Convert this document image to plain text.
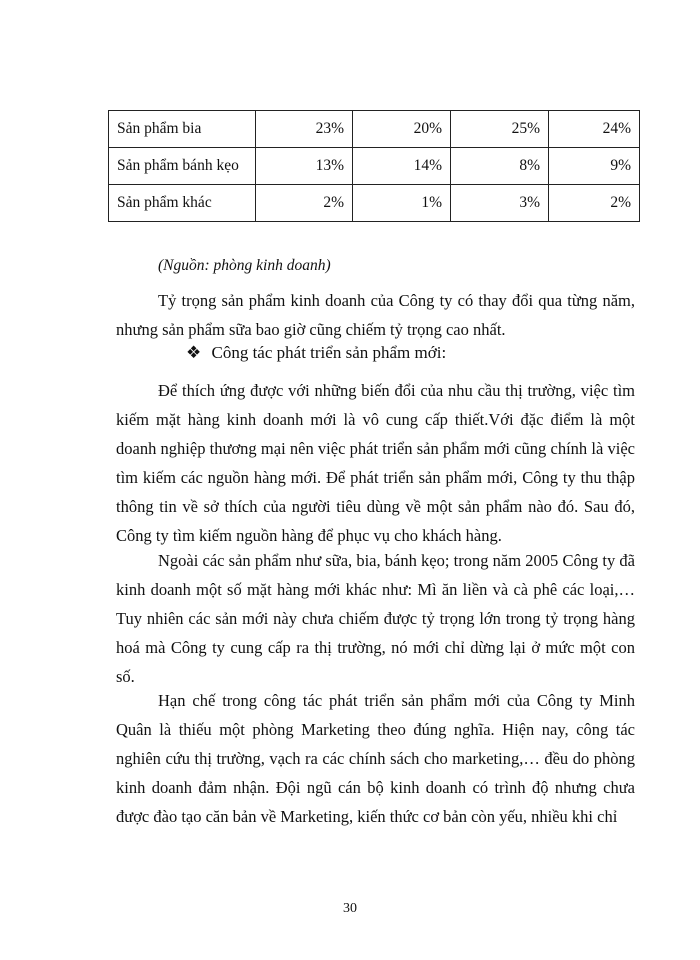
Sản phẩm bia	23%	20%	25%	24%
Sản phẩm bánh kẹo	13%	14%	8%	9%
Sản phẩm khác	2%	1%	3%	2%
(Nguồn: phòng kinh doanh)

Tỷ trọng sản phẩm kinh doanh của Công ty có thay đổi qua từng năm, nhưng sản phẩm sữa bao giờ cũng chiếm tỷ trọng cao nhất.

❖ Công tác phát triển sản phẩm mới:

Để thích ứng được với những biến đổi của nhu cầu thị trường, việc tìm kiếm mặt hàng kinh doanh mới là vô cung cấp thiết.Với đặc điểm là một doanh nghiệp thương mại nên việc phát triển sản phẩm mới cũng chính là việc tìm kiếm các nguồn hàng mới. Để phát triển sản phẩm mới, Công ty thu thập thông tin về sở thích của người tiêu dùng về một sản phẩm nào đó. Sau đó, Công ty tìm kiếm nguồn hàng để phục vụ cho khách hàng.

Ngoài các sản phẩm như sữa, bia, bánh kẹo; trong năm 2005 Công ty đã kinh doanh một số mặt hàng mới khác như: Mì ăn liền và cà phê các loại,…Tuy nhiên các sản mới này chưa chiếm được tỷ trọng lớn trong tỷ trọng hàng hoá mà Công ty cung cấp ra thị trường, nó mới chỉ dừng lại ở mức một con số.

Hạn chế trong công tác phát triển sản phẩm mới của Công ty Minh Quân là thiếu một phòng Marketing theo đúng nghĩa. Hiện nay, công tác nghiên cứu thị trường, vạch ra các chính sách cho marketing,… đều do phòng kinh doanh đảm nhận. Đội ngũ cán bộ kinh doanh có trình độ nhưng chưa được đào tạo căn bản về Marketing, kiến thức cơ bản còn yếu, nhiều khi chỉ

30
